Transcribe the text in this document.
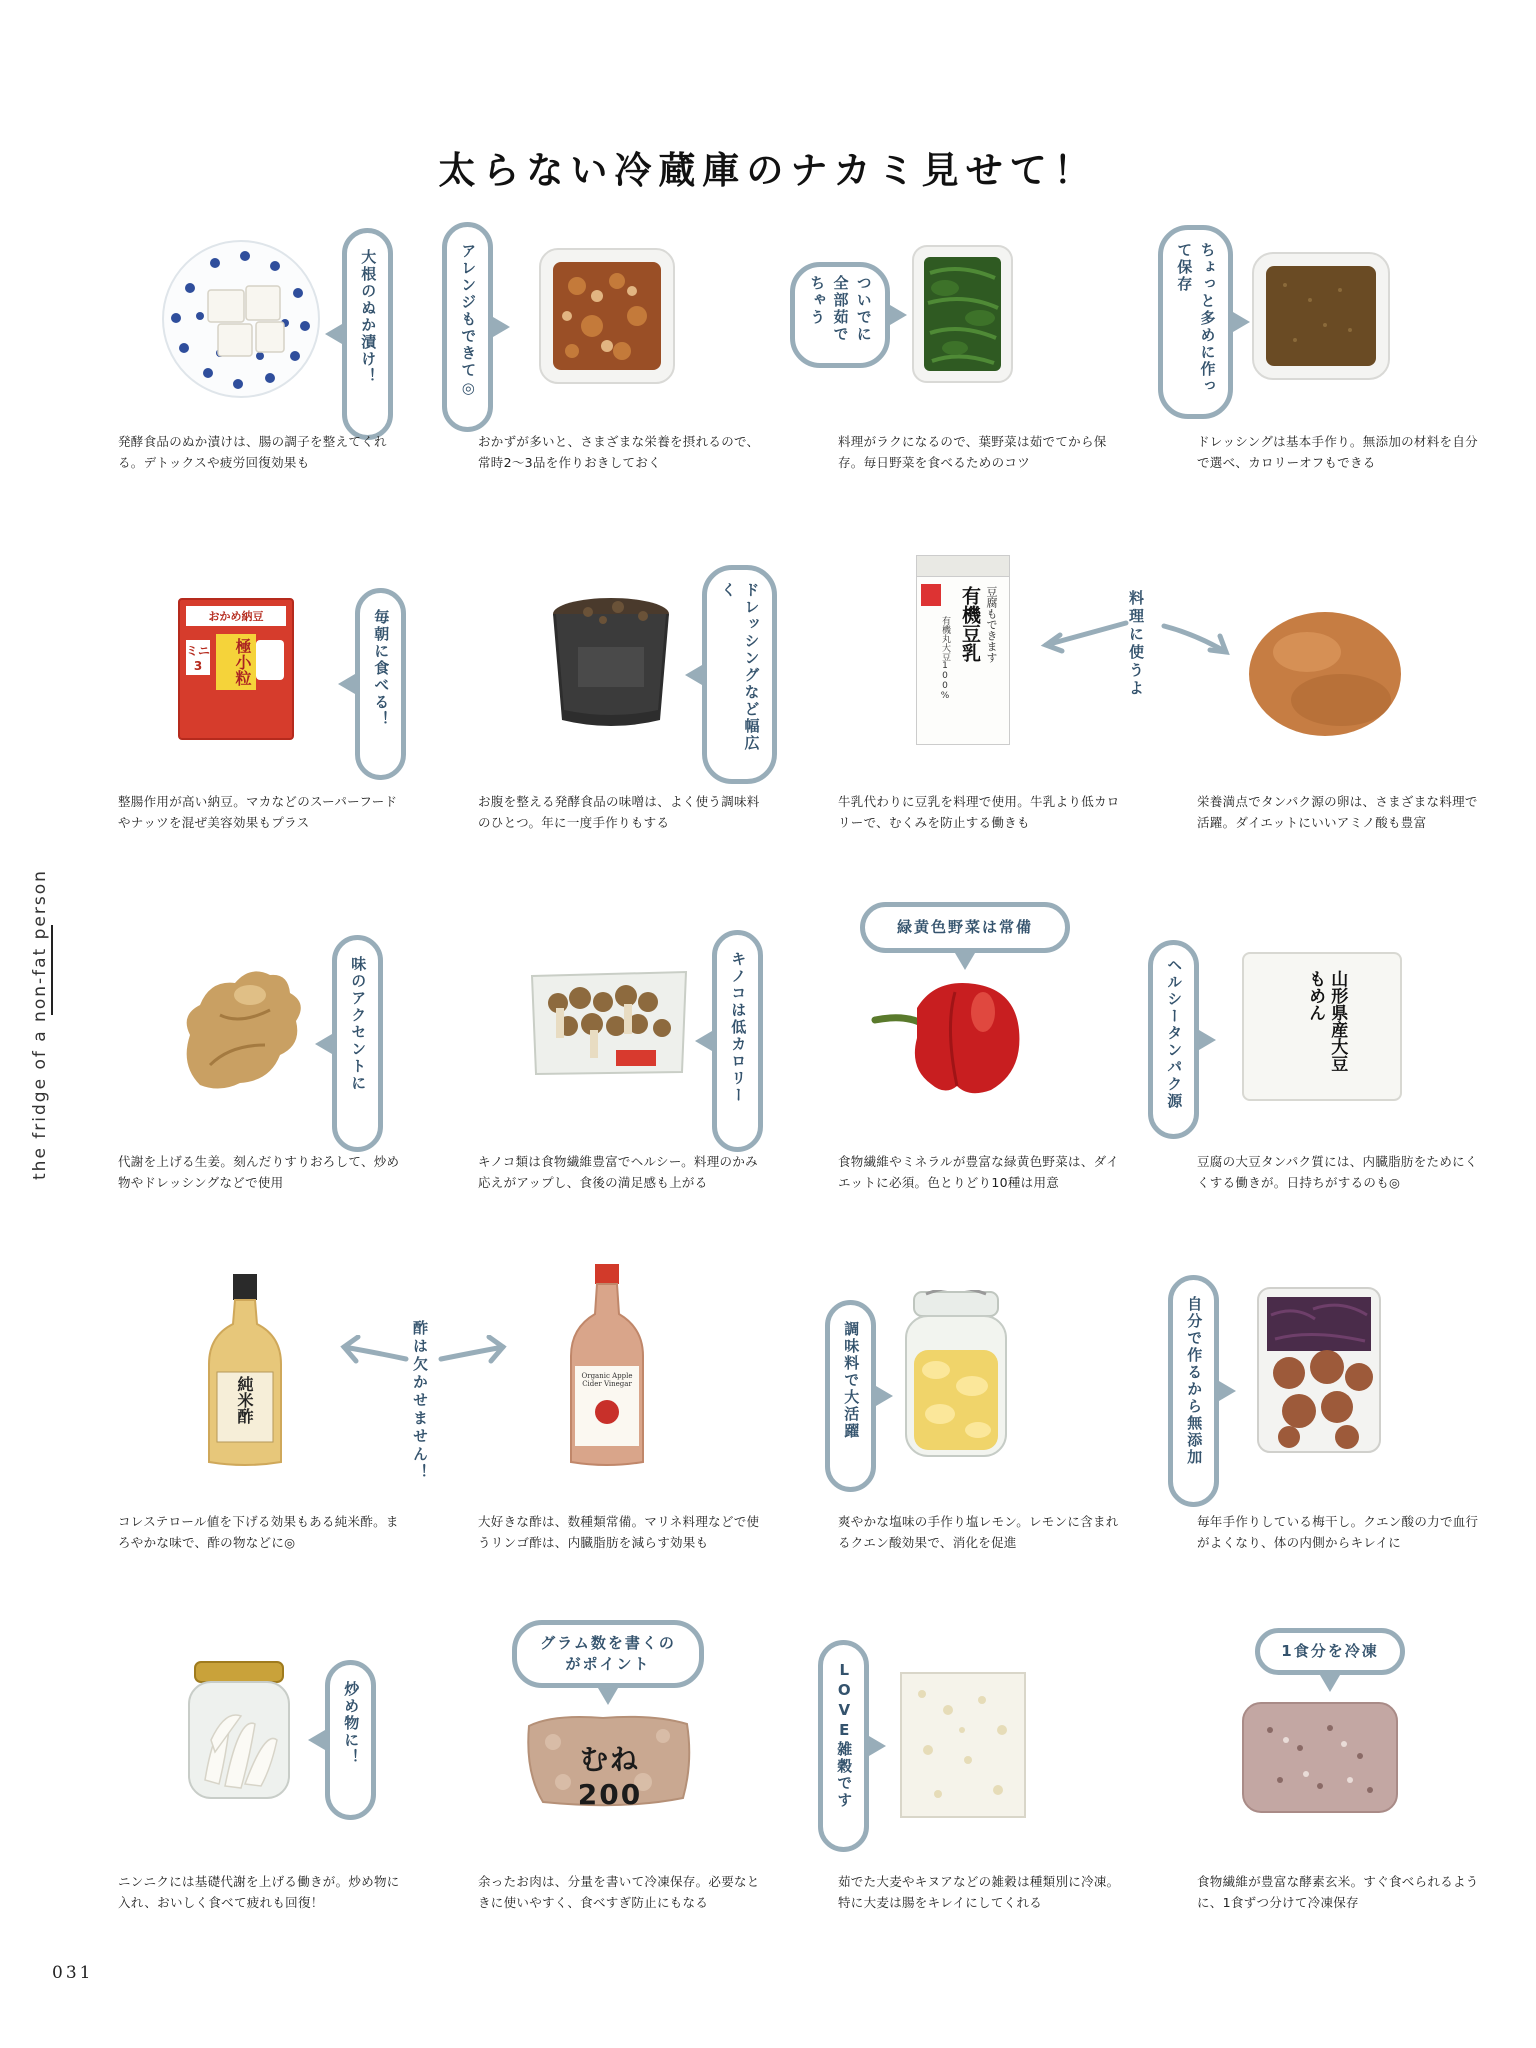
太らない冷蔵庫のナカミ見せて！
the fridge of a non-fat person
大根のぬか漬け！
発酵食品のぬか漬けは、腸の調子を整えてくれる。デトックスや疲労回復効果も
アレンジもできて◎
おかずが多いと、さまざまな栄養を摂れるので、常時2〜3品を作りおきしておく
ついでに全部茹でちゃう
料理がラクになるので、葉野菜は茹でてから保存。毎日野菜を食べるためのコツ
ちょっと多めに作って保存
ドレッシングは基本手作り。無添加の材料を自分で選べ、カロリーオフもできる
おかめ納豆
極小粒
ミニ3	毎朝に食べる！
整腸作用が高い納豆。マカなどのスーパーフードやナッツを混ぜ美容効果もプラス
ドレッシングなど幅広く
お腹を整える発酵食品の味噌は、よく使う調味料のひとつ。年に一度手作りもする
有機豆乳 豆腐もできます
有機丸大豆100%	料理に使うよ
牛乳代わりに豆乳を料理で使用。牛乳より低カロリーで、むくみを防止する働きも
栄養満点でタンパク源の卵は、さまざまな料理で活躍。ダイエットにいいアミノ酸も豊富
味のアクセントに
代謝を上げる生姜。刻んだりすりおろして、炒め物やドレッシングなどで使用
キノコは低カロリー
キノコ類は食物繊維豊富でヘルシー。料理のかみ応えがアップし、食後の満足感も上がる
緑黄色野菜は常備
食物繊維やミネラルが豊富な緑黄色野菜は、ダイエットに必須。色とりどり10種は用意
ヘルシータンパク源	山形県産大豆もめん
豆腐の大豆タンパク質には、内臓脂肪をためにくくする働きが。日持ちがするのも◎
純米酢	酢は欠かせません！	Organic Apple Cider Vinegar
コレステロール値を下げる効果もある純米酢。まろやかな味で、酢の物などに◎
大好きな酢は、数種類常備。マリネ料理などで使うリンゴ酢は、内臓脂肪を減らす効果も
調味料で大活躍
爽やかな塩味の手作り塩レモン。レモンに含まれるクエン酸効果で、消化を促進
自分で作るから無添加
毎年手作りしている梅干し。クエン酸の力で血行がよくなり、体の内側からキレイに
炒め物に！
ニンニクには基礎代謝を上げる働きが。炒め物に入れ、おいしく食べて疲れも回復！
グラム数を書くのがポイント
むね200
余ったお肉は、分量を書いて冷凍保存。必要なときに使いやすく、食べすぎ防止にもなる
LOVE雑穀です
茹でた大麦やキヌアなどの雑穀は種類別に冷凍。特に大麦は腸をキレイにしてくれる
1食分を冷凍
食物繊維が豊富な酵素玄米。すぐ食べられるように、1食ずつ分けて冷凍保存
031
